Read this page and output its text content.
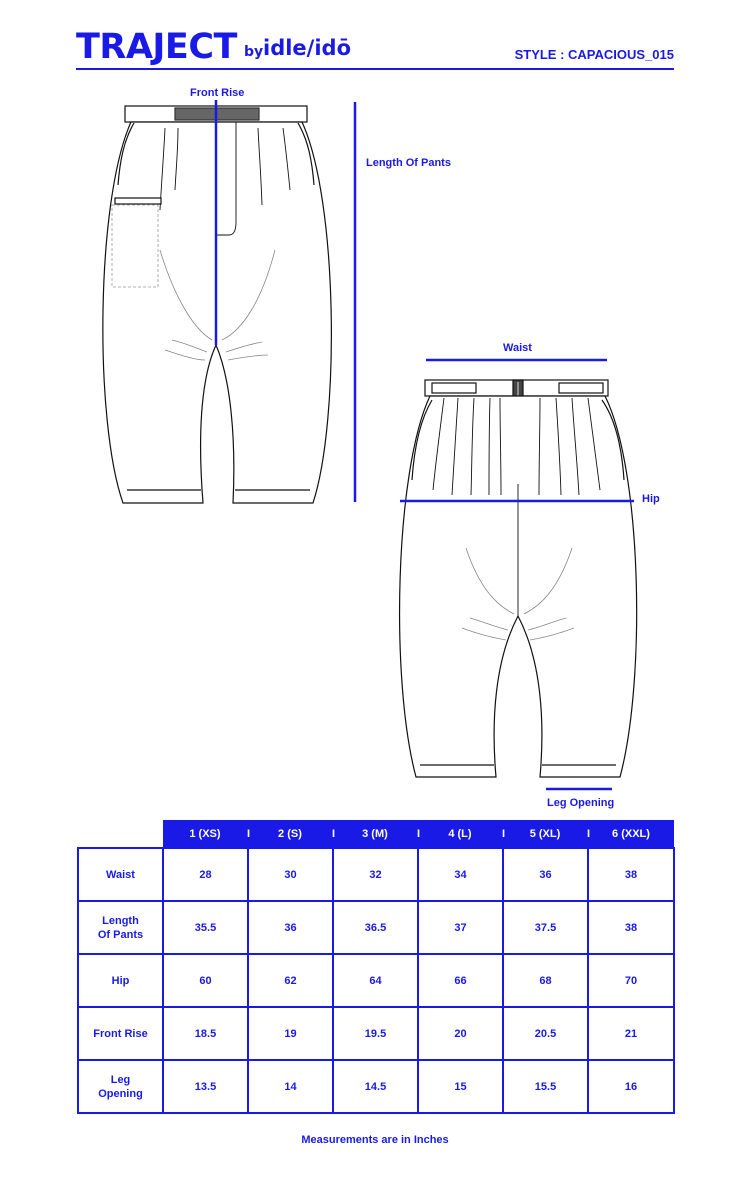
TRAJECT by idle/idō	STYLE : CAPACIOUS_015
Front Rise
Length Of Pants
Waist
Hip
Leg Opening
	1 (XS) I	2 (S) I	3 (M) I	4 (L) I	5 (XL) I	6 (XXL)
Waist	28	30	32	34	36	38
Length
Of Pants	35.5	36	36.5	37	37.5	38
Hip	60	62	64	66	68	70
Front Rise	18.5	19	19.5	20	20.5	21
Leg
Opening	13.5	14	14.5	15	15.5	16
Measurements are in Inches
